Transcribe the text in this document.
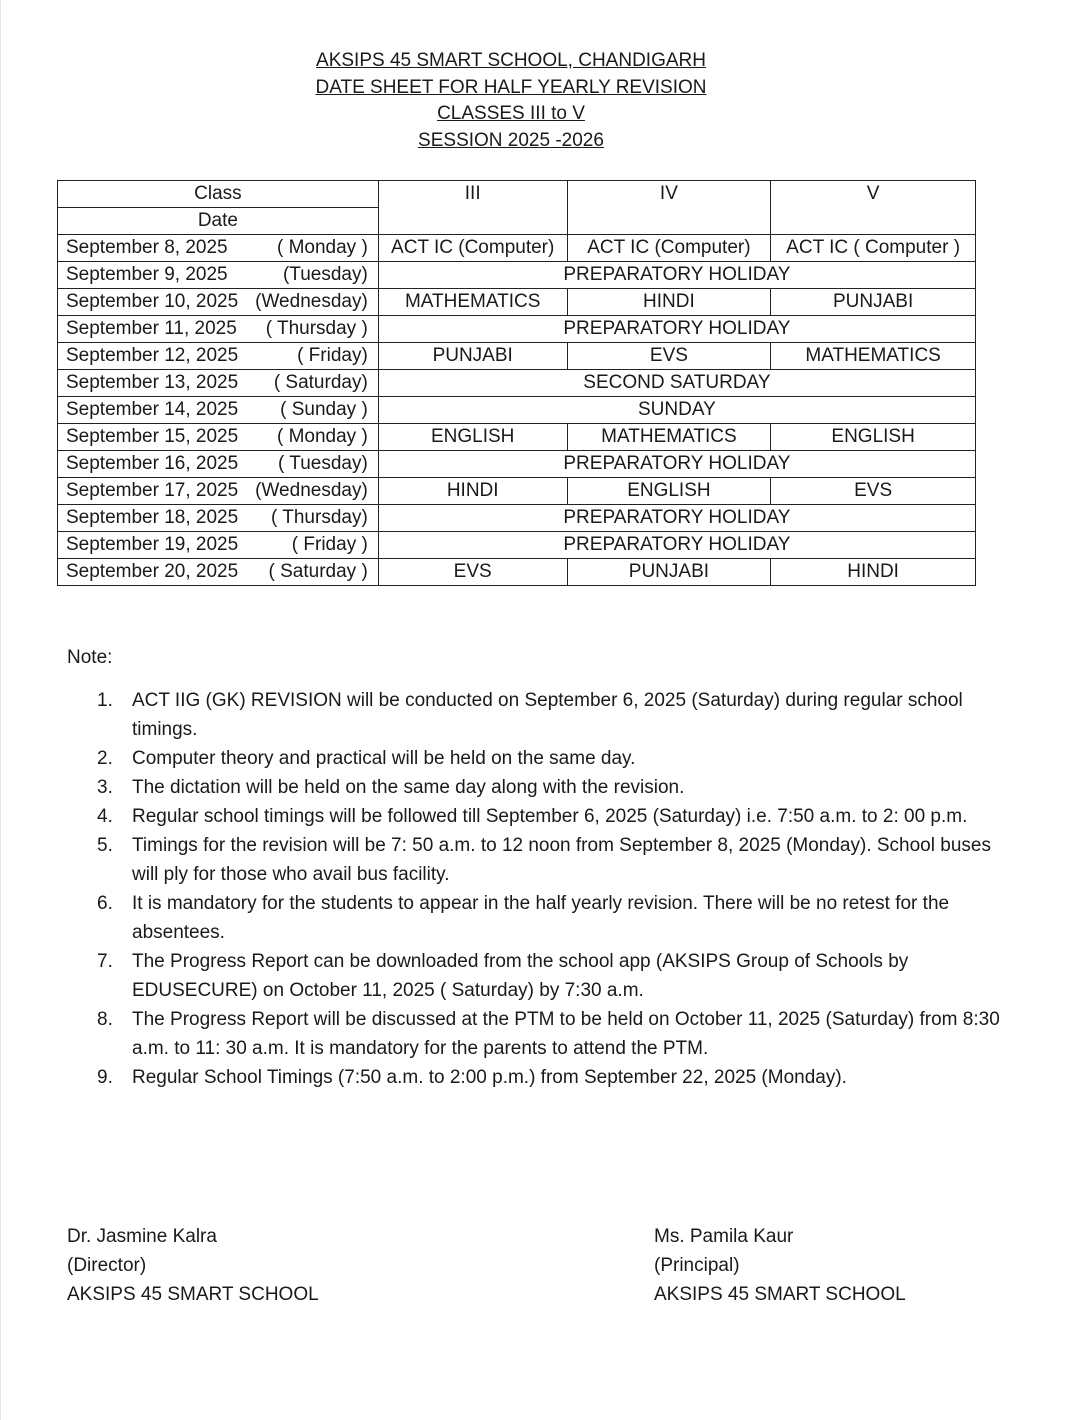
AKSIPS 45 SMART SCHOOL, CHANDIGARH
DATE SHEET FOR HALF YEARLY REVISION
CLASSES III to V
SESSION 2025 -2026
Class	III	IV	V
Date			

September 8, 2025 ( Monday )	ACT IC (Computer)	ACT IC (Computer)	ACT IC ( Computer )

September 9, 2025 (Tuesday)	PREPARATORY HOLIDAY		

September 10, 2025 (Wednesday)	MATHEMATICS	HINDI	PUNJABI

September 11, 2025 ( Thursday )	PREPARATORY HOLIDAY		

September 12, 2025 ( Friday)	PUNJABI	EVS	MATHEMATICS

September 13, 2025 ( Saturday)	SECOND SATURDAY		

September 14, 2025 ( Sunday )	SUNDAY		

September 15, 2025 ( Monday )	ENGLISH	MATHEMATICS	ENGLISH

September 16, 2025 ( Tuesday)	PREPARATORY HOLIDAY		

September 17, 2025 (Wednesday)	HINDI	ENGLISH	EVS

September 18, 2025 ( Thursday)	PREPARATORY HOLIDAY		

September 19, 2025 ( Friday )	PREPARATORY HOLIDAY		

September 20, 2025 ( Saturday )	EVS	PUNJABI	HINDI
Note:
1.	ACT IIG (GK) REVISION will be conducted on September 6, 2025 (Saturday) during regular school timings.
2.	Computer theory and practical will be held on the same day.
3.	The dictation will be held on the same day along with the revision.
4.	Regular school timings will be followed till September 6, 2025 (Saturday) i.e. 7:50 a.m. to 2: 00 p.m.
5.	Timings for the revision will be 7: 50 a.m. to 12 noon from September 8, 2025 (Monday). School buses will ply for those who avail bus facility.
6.	It is mandatory for the students to appear in the half yearly revision. There will be no retest for the absentees.
7.	The Progress Report can be downloaded from the school app (AKSIPS Group of Schools by EDUSECURE) on October 11, 2025 ( Saturday) by 7:30 a.m.
8.	The Progress Report will be discussed at the PTM to be held on October 11, 2025 (Saturday) from 8:30 a.m. to 11: 30 a.m. It is mandatory for the parents to attend the PTM.
9.	Regular School Timings (7:50 a.m. to 2:00 p.m.) from September 22, 2025 (Monday).
Dr. Jasmine Kalra
(Director)
AKSIPS 45 SMART SCHOOL
Ms. Pamila Kaur
(Principal)
AKSIPS 45 SMART SCHOOL
